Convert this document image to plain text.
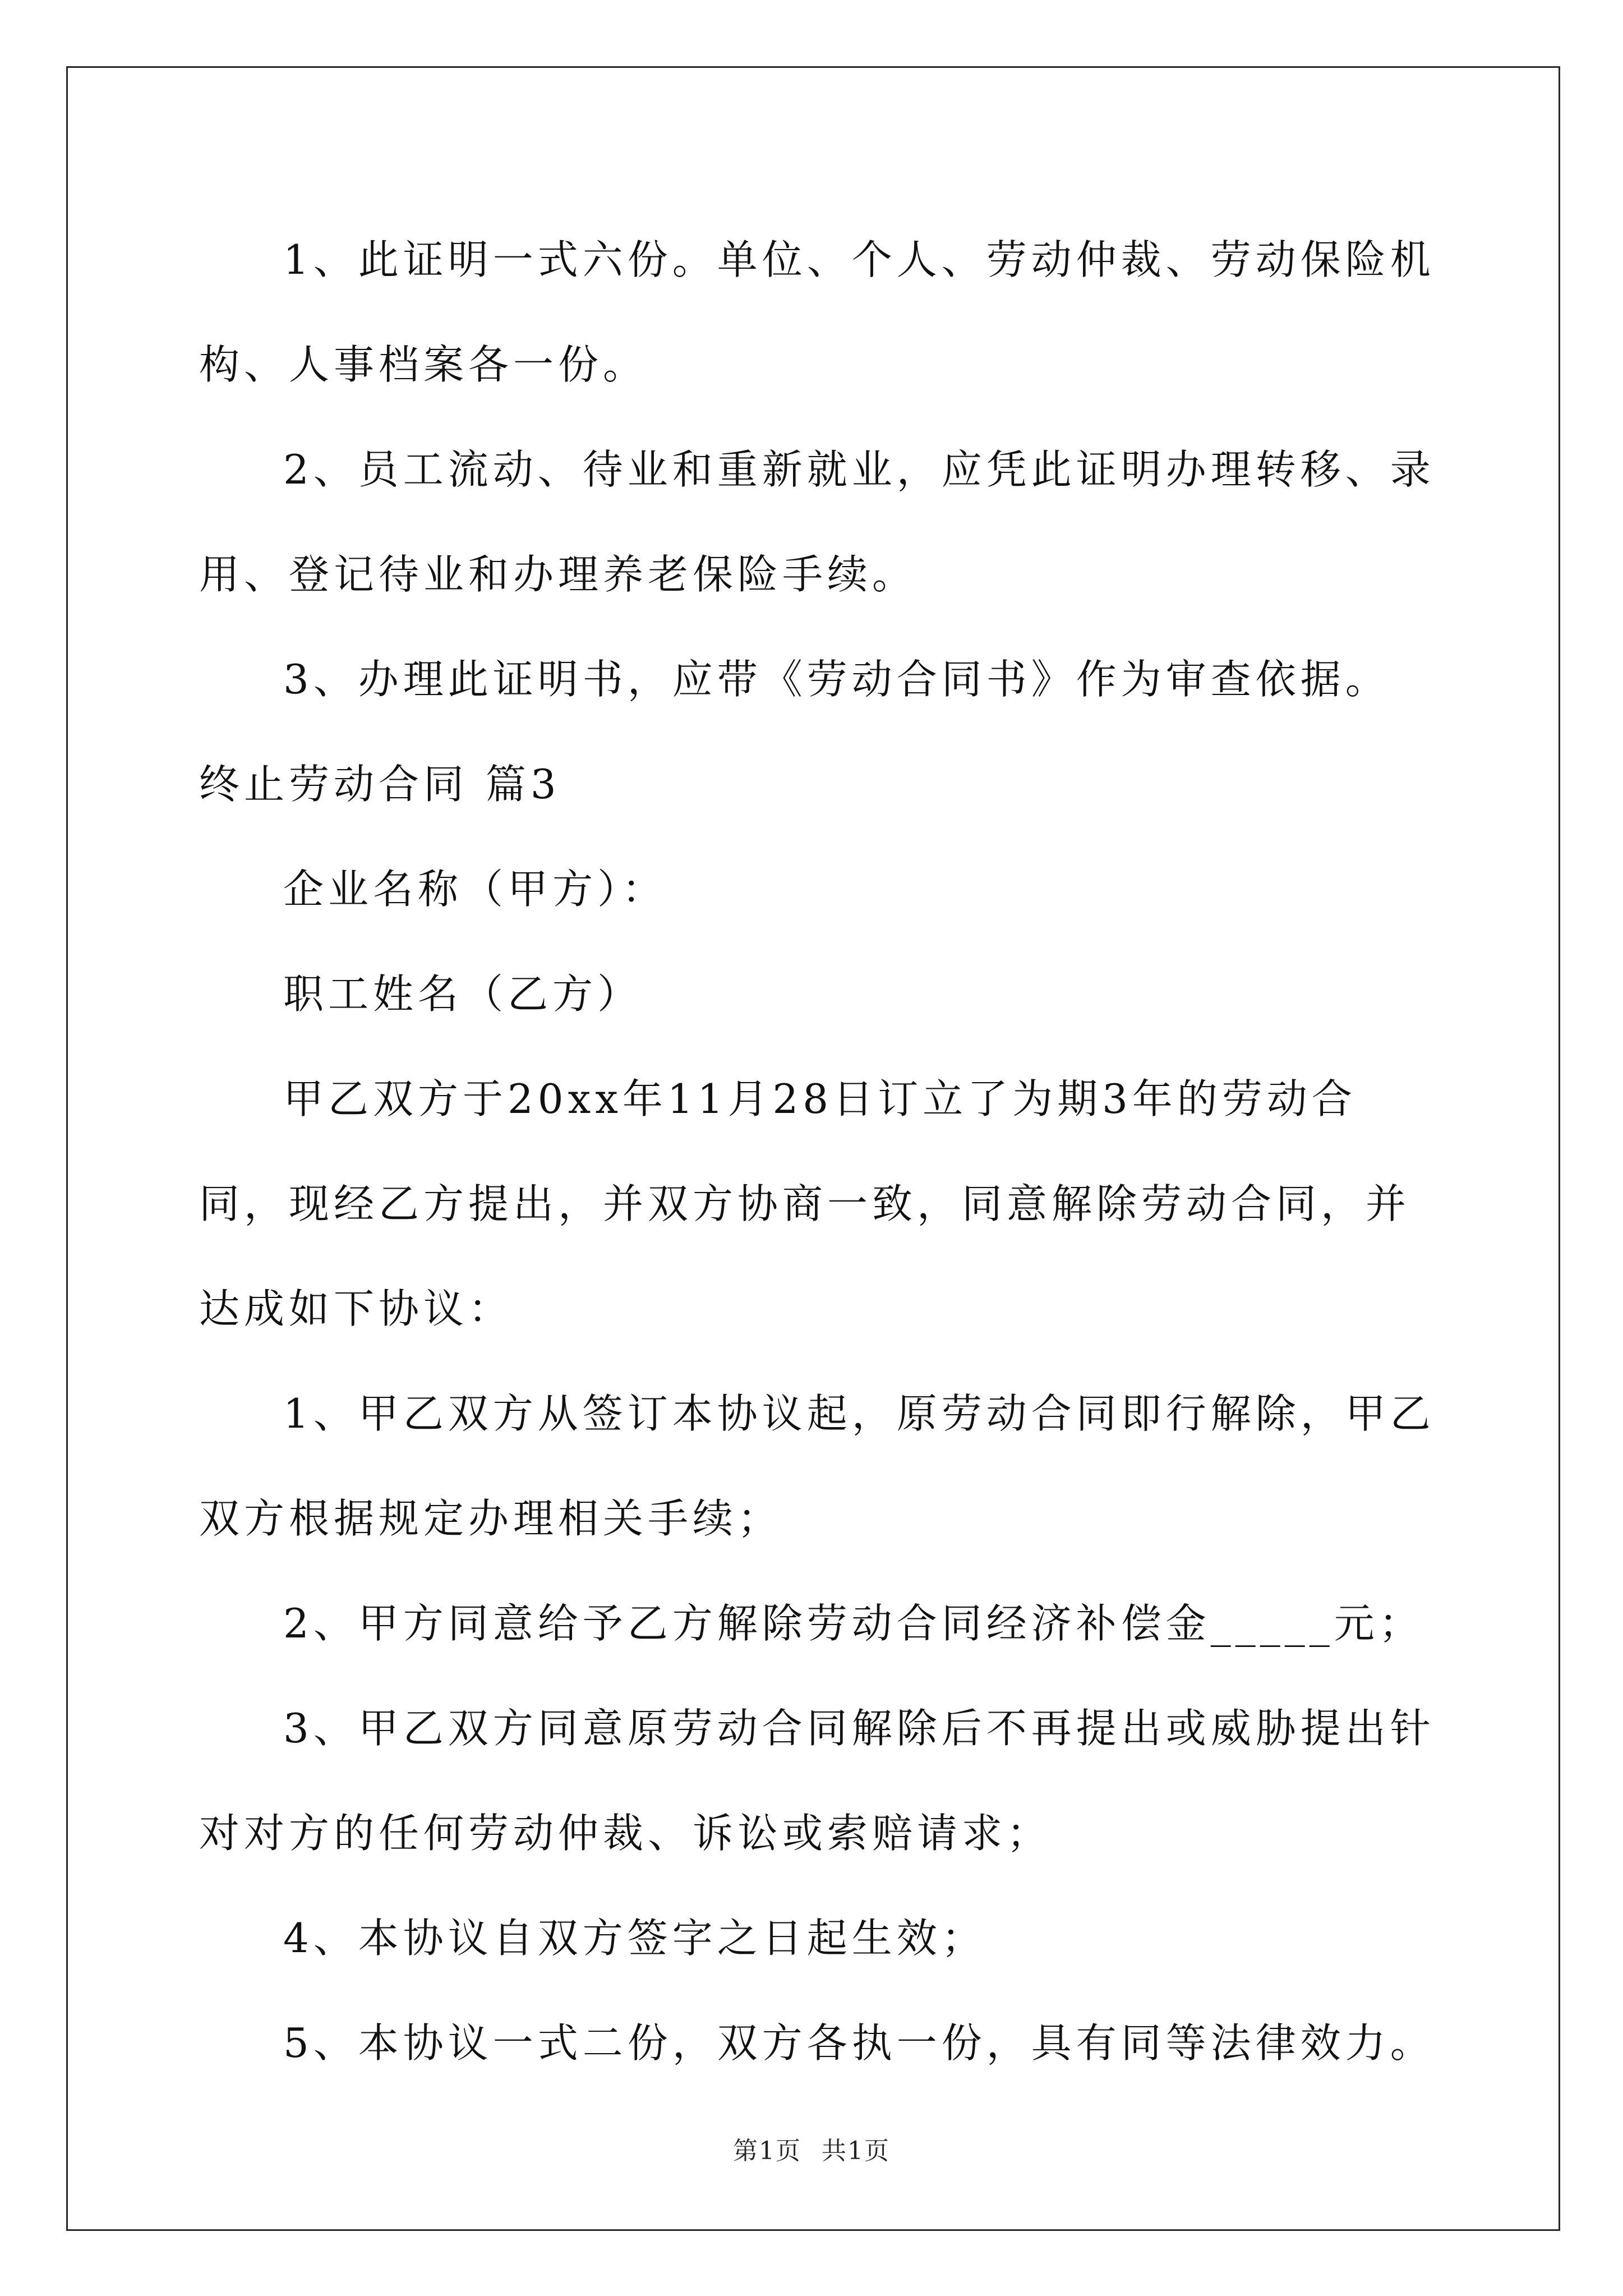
1、此证明一式六份。单位、个人、劳动仲裁、劳动保险机构、人事档案各一份。

2、员工流动、待业和重新就业，应凭此证明办理转移、录用、登记待业和办理养老保险手续。

3、办理此证明书，应带《劳动合同书》作为审查依据。

终止劳动合同 篇3

企业名称（甲方）：

职工姓名（乙方）

甲乙双方于20xx年11月28日订立了为期3年的劳动合同，现经乙方提出，并双方协商一致，同意解除劳动合同，并达成如下协议：

1、甲乙双方从签订本协议起，原劳动合同即行解除，甲乙双方根据规定办理相关手续；

2、甲方同意给予乙方解除劳动合同经济补偿金_____元；

3、甲乙双方同意原劳动合同解除后不再提出或威胁提出针对对方的任何劳动仲裁、诉讼或索赔请求；

4、本协议自双方签字之日起生效；

5、本协议一式二份，双方各执一份，具有同等法律效力。

第1页 共1页
